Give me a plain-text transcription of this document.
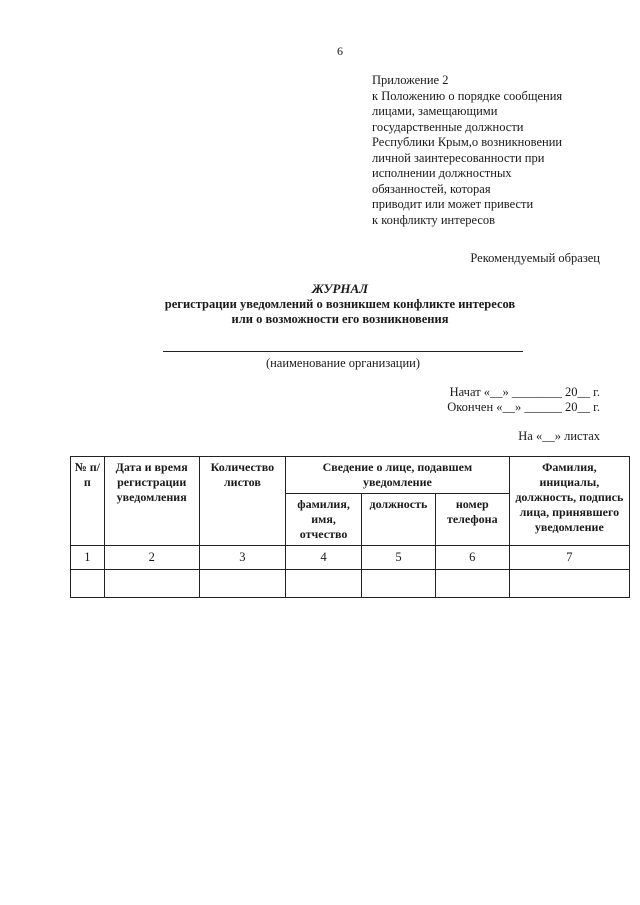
6
Приложение 2
к Положению о порядке сообщения
лицами, замещающими
государственные должности
Республики Крым,о возникновении
личной заинтересованности при
исполнении должностных
обязанностей, которая
приводит или может привести
к конфликту интересов
Рекомендуемый образец
ЖУРНАЛ
регистрации уведомлений о возникшем конфликте интересов
или о возможности его возникновения
(наименование организации)
Начат «__» ________ 20__ г.
Окончен «__» ______ 20__ г.
На «__» листах
№ п/п	Дата и время регистрации уведомления	Количество листов	Сведение о лице, подавшем уведомление			Фамилия, инициалы, должность, подпись лица, принявшего уведомление
			фамилия, имя, отчество	должность	номер телефона	
1	2	3	4	5	6	7
